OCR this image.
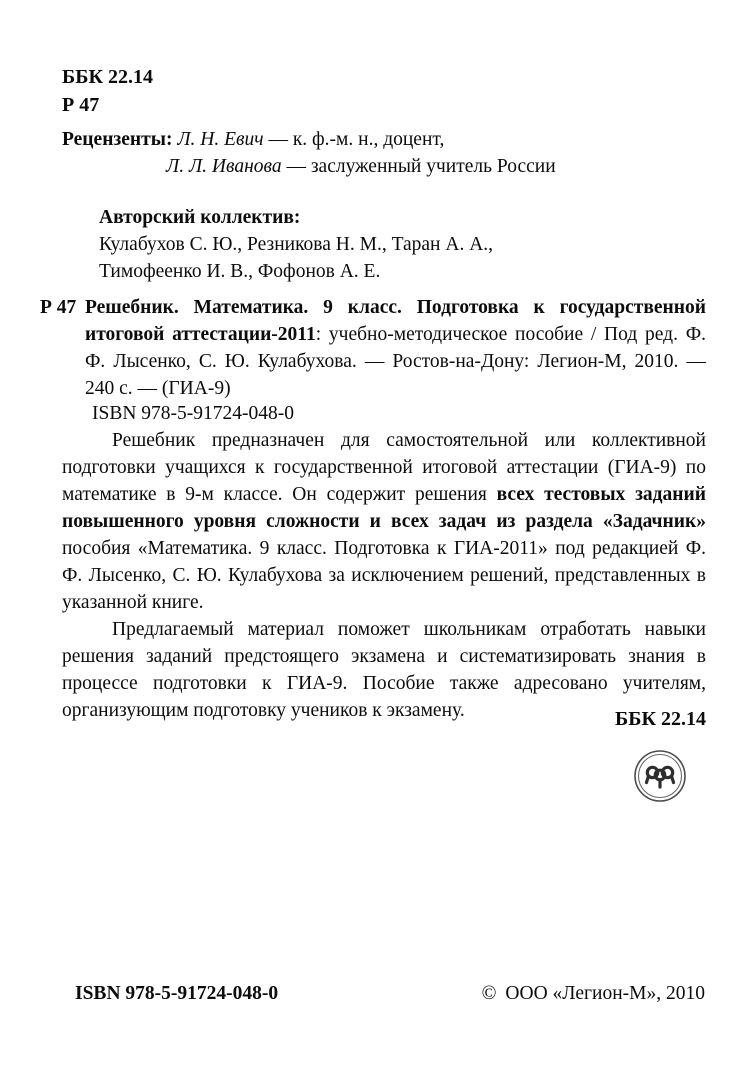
ББК 22.14
Р 47
Рецензенты: Л. Н. Евич — к. ф.-м. н., доцент,
Л. Л. Иванова — заслуженный учитель России
Авторский коллектив:
Кулабухов С. Ю., Резникова Н. М., Таран А. А.,
Тимофеенко И. В., Фофонов А. Е.
Р 47 Решебник. Математика. 9 класс. Подготовка к государственной итоговой аттестации-2011: учебно-методическое пособие / Под ред. Ф. Ф. Лысенко, С. Ю. Кулабухова. — Ростов-на-Дону: Легион-М, 2010. — 240 с. — (ГИА-9)

ISBN 978-5-91724-048-0

Решебник предназначен для самостоятельной или коллективной подготовки учащихся к государственной итоговой аттестации (ГИА-9) по математике в 9-м классе. Он содержит решения всех тестовых заданий повышенного уровня сложности и всех задач из раздела «Задачник» пособия «Математика. 9 класс. Подготовка к ГИА-2011» под редакцией Ф. Ф. Лысенко, С. Ю. Кулабухова за исключением решений, представленных в указанной книге.

Предлагаемый материал поможет школьникам отработать навыки решения заданий предстоящего экзамена и систематизировать знания в процессе подготовки к ГИА-9. Пособие также адресовано учителям, организующим подготовку учеников к экзамену.	ББК 22.14
ISBN 978-5-91724-048-0	© ООО «Легион-М», 2010
